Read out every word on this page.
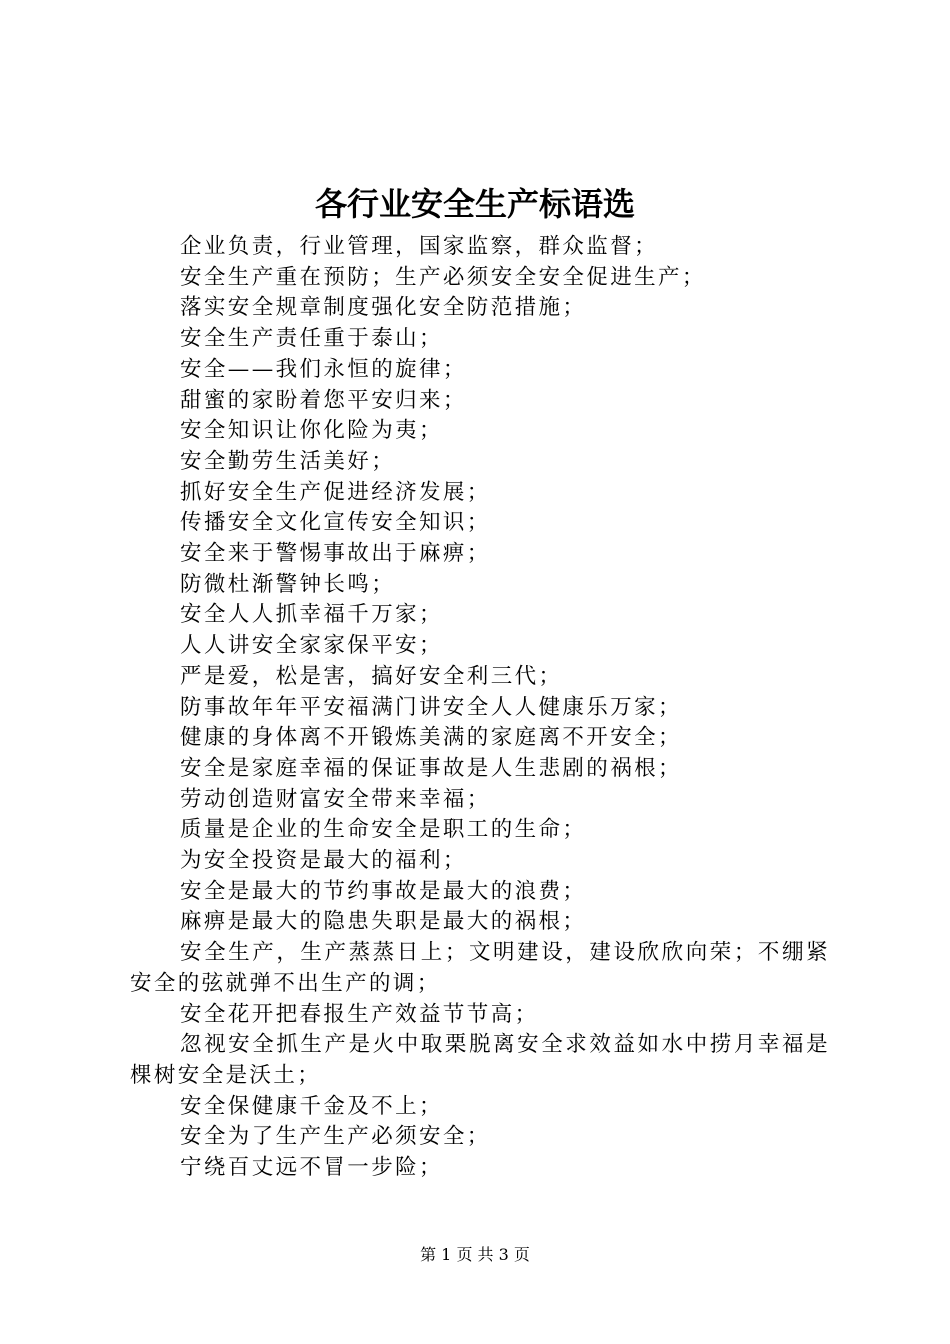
各行业安全生产标语选

企业负责，行业管理，国家监察，群众监督；

安全生产重在预防；生产必须安全安全促进生产；

落实安全规章制度强化安全防范措施；

安全生产责任重于泰山；

安全——我们永恒的旋律；

甜蜜的家盼着您平安归来；

安全知识让你化险为夷；

安全勤劳生活美好；

抓好安全生产促进经济发展；

传播安全文化宣传安全知识；

安全来于警惕事故出于麻痹；

防微杜渐警钟长鸣；

安全人人抓幸福千万家；

人人讲安全家家保平安；

严是爱，松是害，搞好安全利三代；

防事故年年平安福满门讲安全人人健康乐万家；

健康的身体离不开锻炼美满的家庭离不开安全；

安全是家庭幸福的保证事故是人生悲剧的祸根；

劳动创造财富安全带来幸福；

质量是企业的生命安全是职工的生命；

为安全投资是最大的福利；

安全是最大的节约事故是最大的浪费；

麻痹是最大的隐患失职是最大的祸根；

安全生产，生产蒸蒸日上；文明建设，建设欣欣向荣；不绷紧安全的弦就弹不出生产的调；

安全花开把春报生产效益节节高；

忽视安全抓生产是火中取栗脱离安全求效益如水中捞月幸福是棵树安全是沃土；

安全保健康千金及不上；

安全为了生产生产必须安全；

宁绕百丈远不冒一步险；

第 1 页 共 3 页
